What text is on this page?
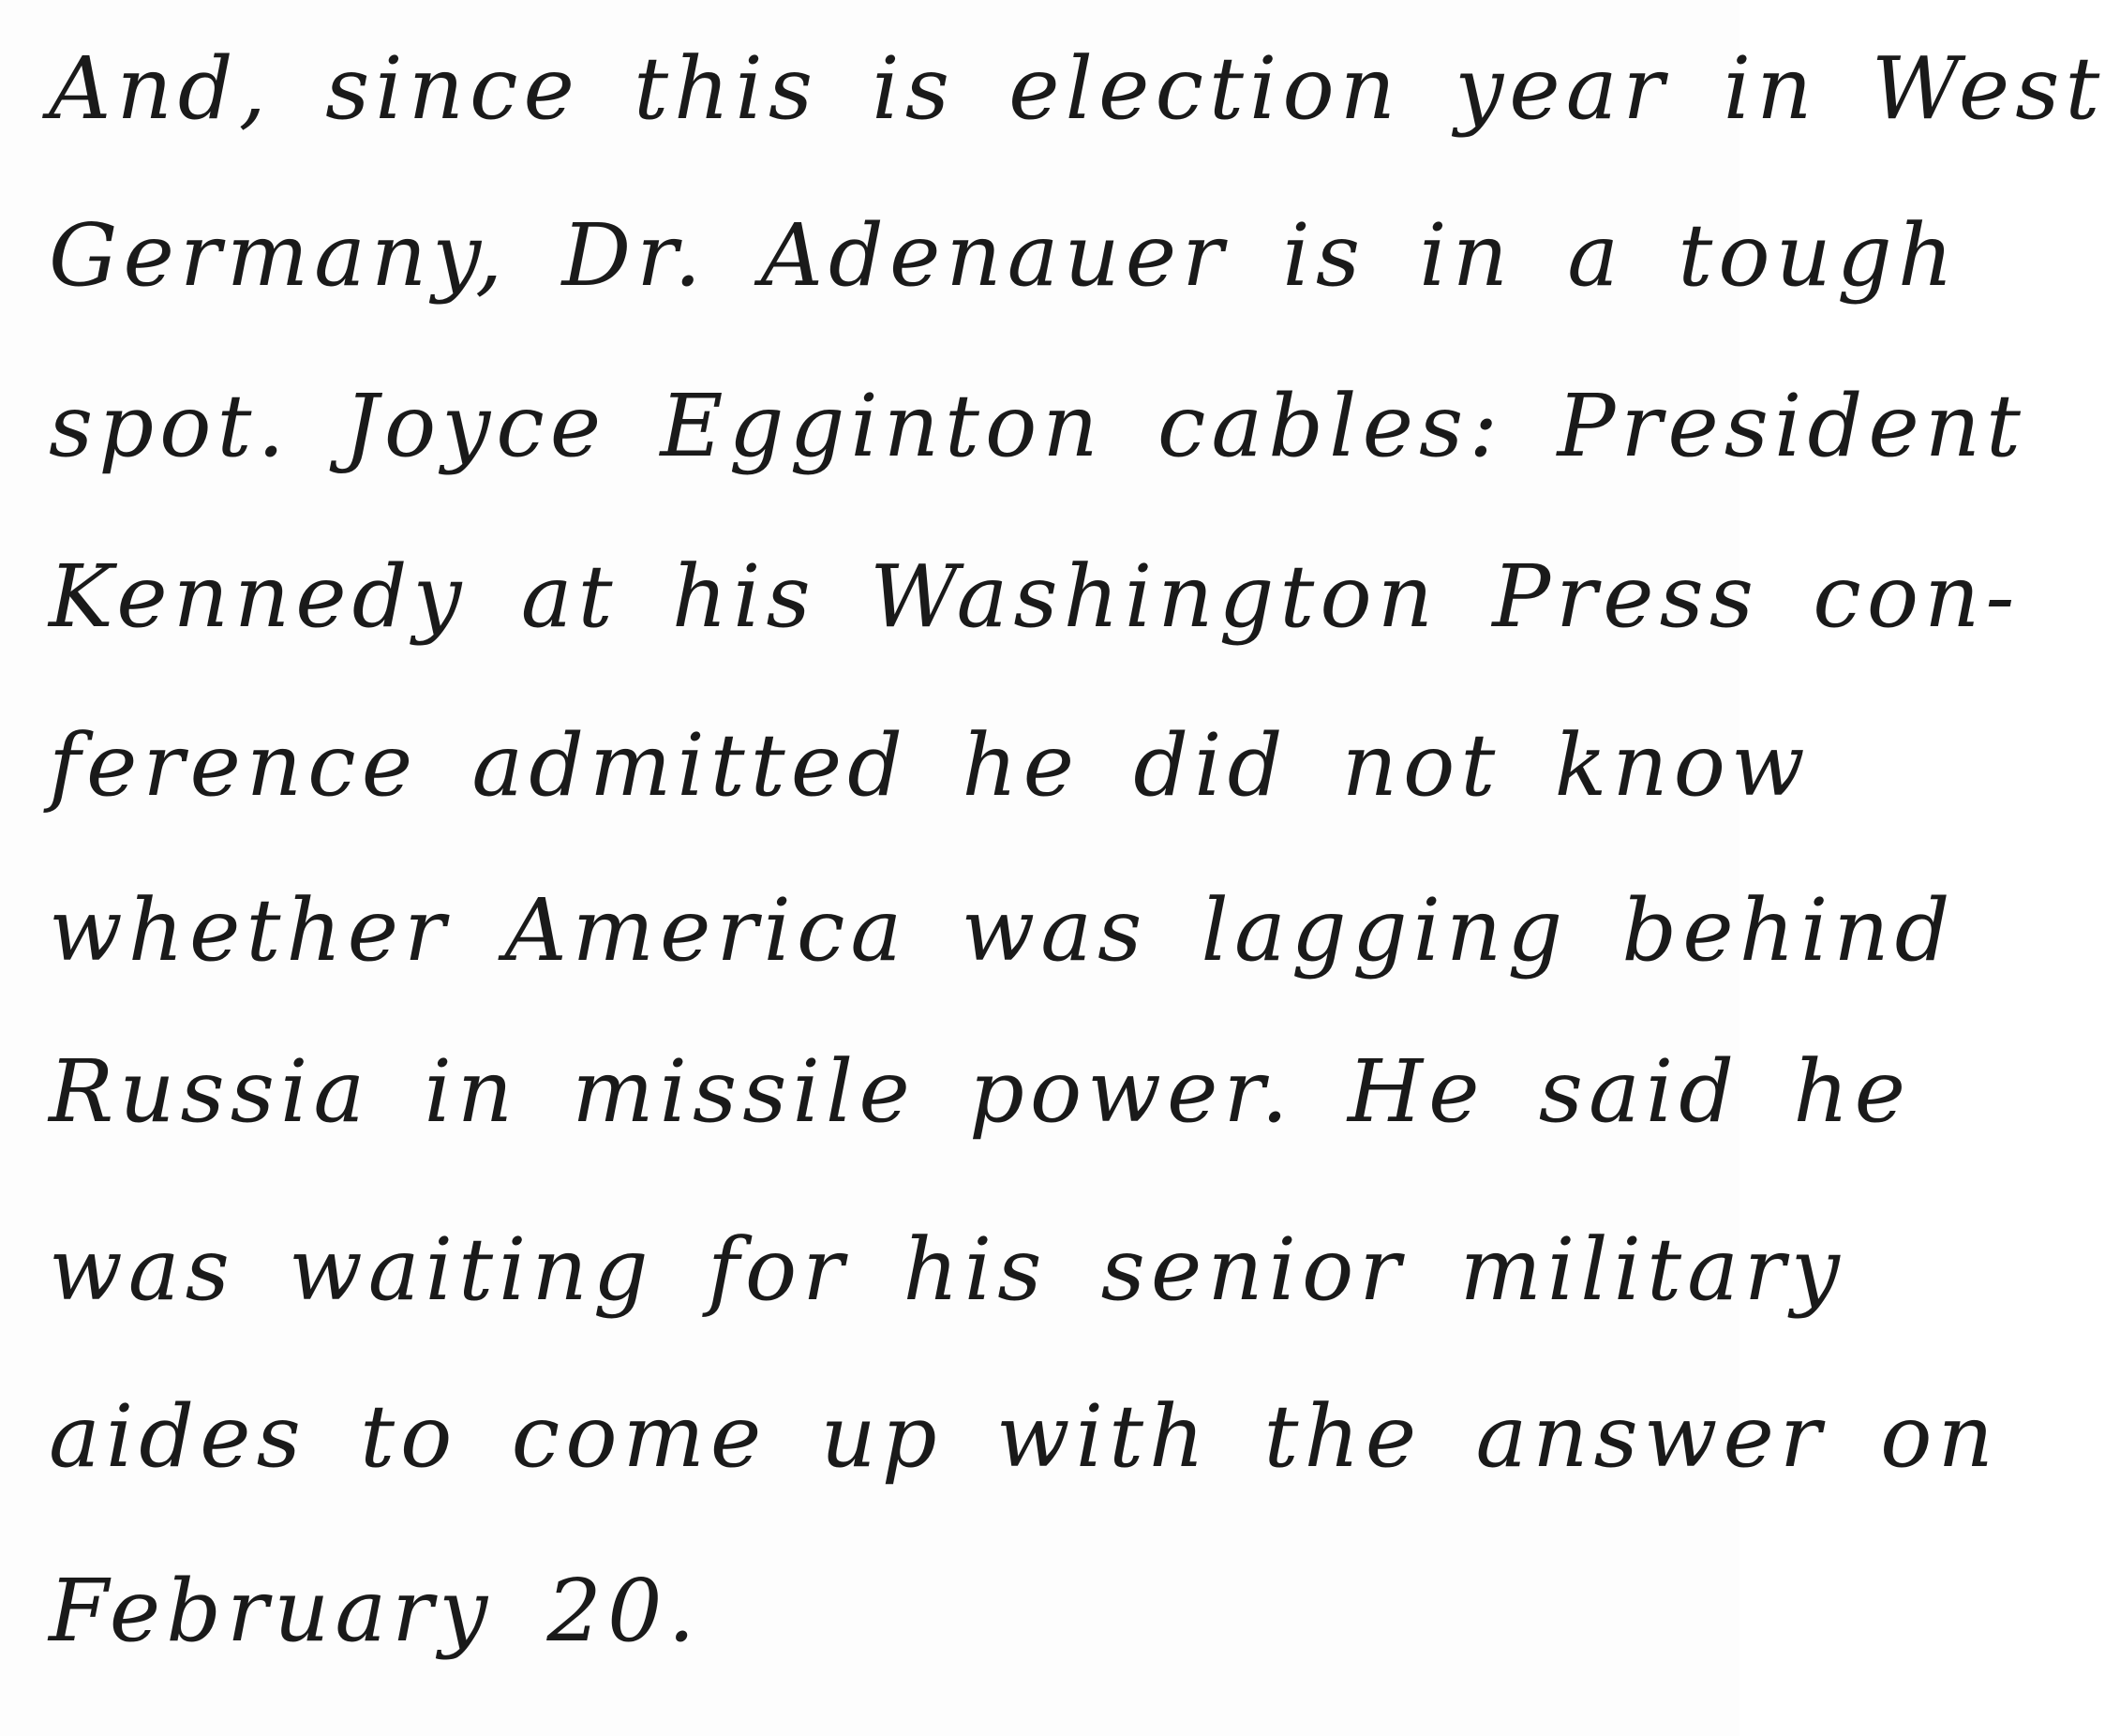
And, since this is election year in West
Germany, Dr. Adenauer is in a tough
spot. Joyce Egginton cables: President
Kennedy at his Washington Press con-
ference admitted he did not know
whether America was lagging behind
Russia in missile power. He said he
was waiting for his senior military
aides to come up with the answer on
February 20.
